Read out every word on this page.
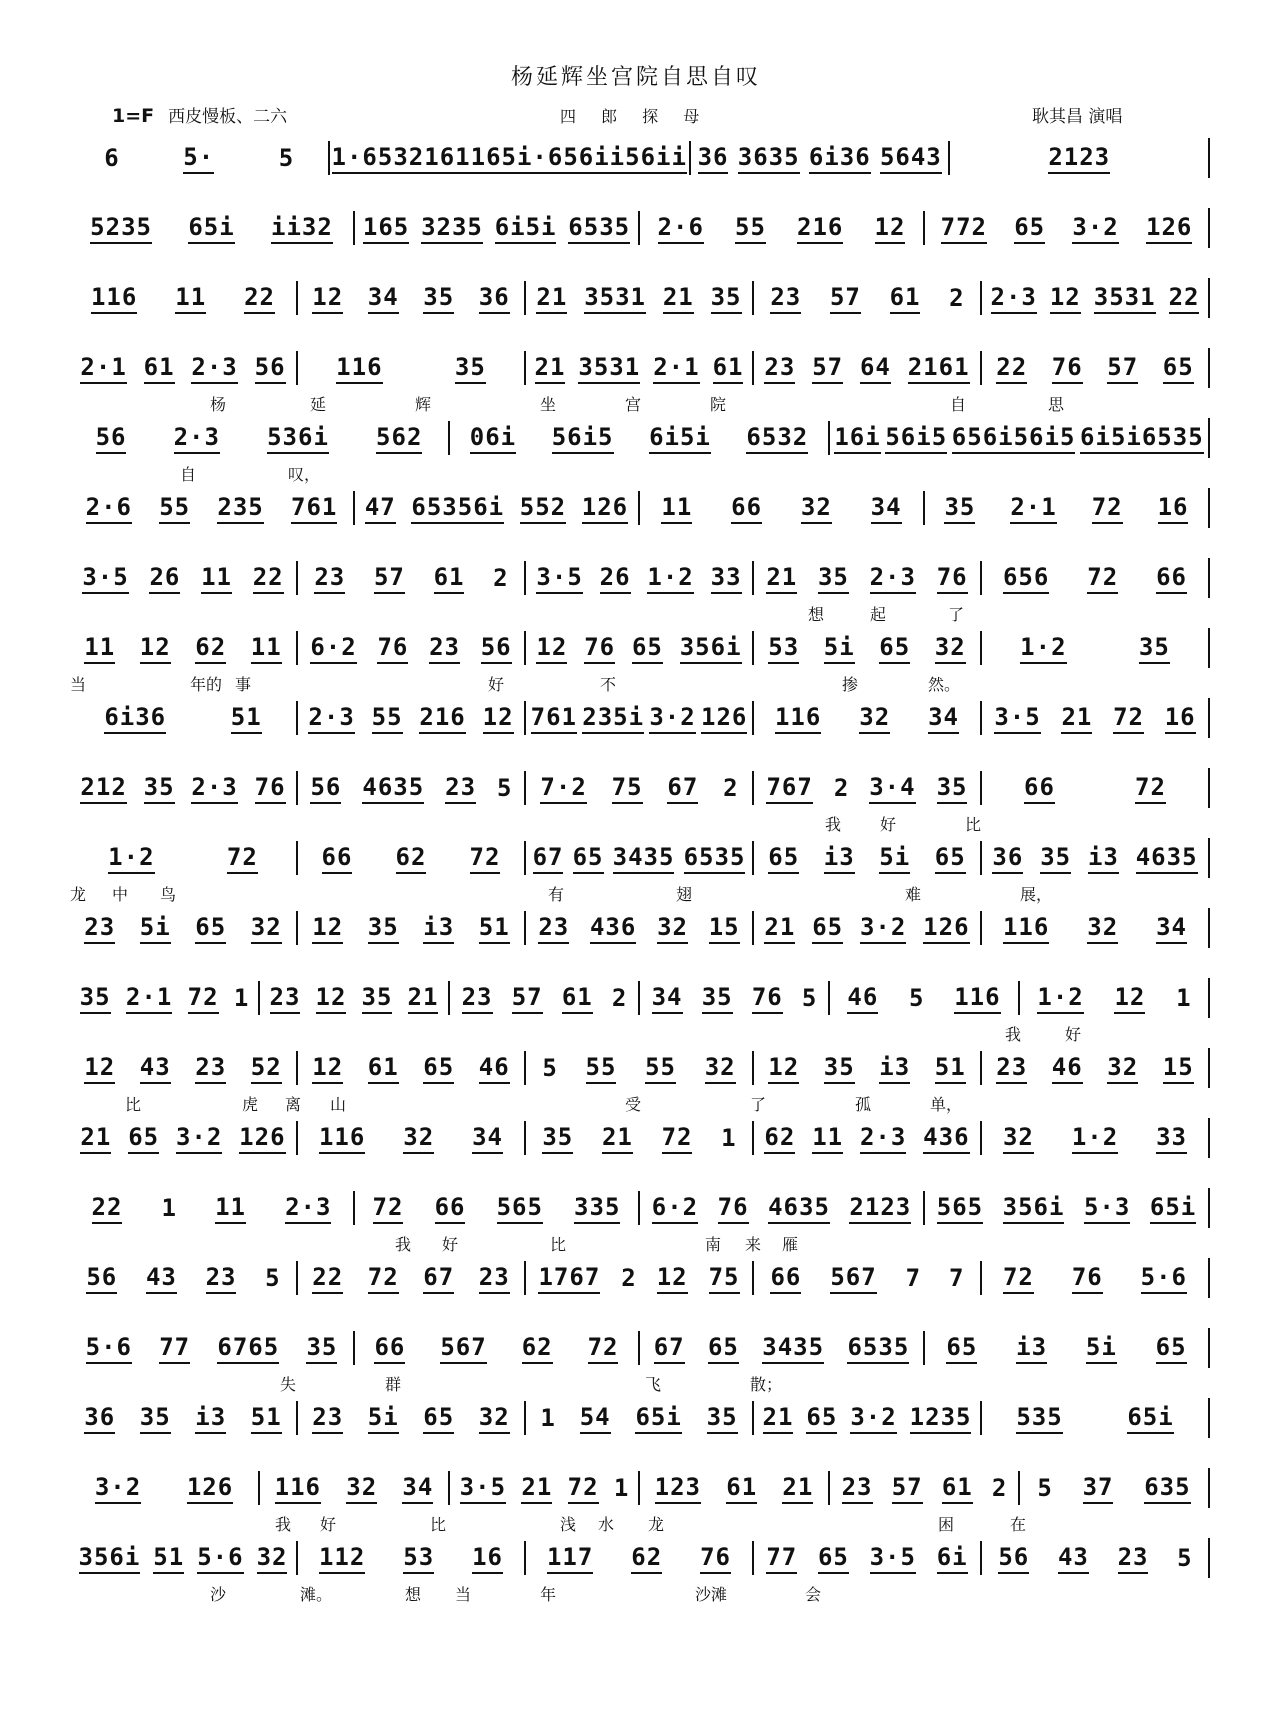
杨延辉坐宫院自思自叹
1=F 西皮慢板、二六	四 郎 探 母	耿其昌 演唱
6	5·	5 1·6 53 216 11 65 i·6 56ii 56ii 36 3635 6i36 5643	2123
5235 65i ii32 165 3235 6i5i 6535 2·6 55 216 12 772 65 3·2 126
116 11 22 12 34 35 36 21 3531 21 35 23 57 61 2 2·3 12 3531 22
2·1 61 2·3 56 116	35 21 3531 2·1 61 23 57 64 2161 22 76 57 65
杨	延	辉	坐	宫	院	自	思
56 2·3 536i 562 06i 56i5 6i5i 6532 16i 56i5 656i56i5 6i5i6535
自	叹，
2·6 55 235 761 47 65356i 552 126 11 66 32 34 35 2·1 72 16
3·5 26 11 22 23 57 61 2 3·5 26 1·2 33 21 35 2·3 76 656 72 66
想	起	了
11 12 62 11 6·2 76 23 56 12 76 65 356i 53 5i 65 32 1·2	35
当	年的 事	好	不	掺	然。
6i36	51 2·3 55 216 12 761 235i 3·2 126 116 32 34 3·5 21 72 16
212 35 2·3 76 56 4635 23 5 7·2 75 67 2 767 2 3·4 35 66	72
我 好	比
1·2	72	66 62 72 67 65 3435 6535 65 i3 5i 65 36 35 i3 4635
龙 中 鸟	有	翅	难	展，
23 5i 65 32 12 35 i3 51 23 436 32 15 21 65 3·2 126 116 32 34
35 2·1 72 1 23 12 35 21 23 57 61 2 34 35 76 5 46 5 116 1·2 12 1
我	好
12 43 23 52 12 61 65 46 5 55 55 32 12 35 i3 51 23 46 32 15
比	虎 离 山	受	了	孤	单，
21 65 3·2 126 116 32 34 35 21 72 1 62 11 2·3 436 32 1·2 33
22 1 11 2·3 72 66 565 335 6·2 76 4635 2123 565 356i 5·3 65i
我 好	比	南 来 雁
56 43 23 5 22 72 67 23 1767 2 12 75 66 567 7 7 72 76 5·6
5·6 77 6765 35 66 567 62 72 67 65 3435 6535 65 i3 5i 65
失	群	飞	散；
36 35 i3 51 23 5i 65 32 1 54 65i 35 21 65 3·2 1235 535	65i
3·2 126 116 32 34 3·5 21 72 1 123 61 21 23 57 61 2 5 37 635
我 好	比	浅 水 龙	困	在
356i 51 5·6 32 112 53 16 117 62 76 77 65 3·5 6i 56 43 23 5
沙	滩。	想 当	年	沙滩	会
